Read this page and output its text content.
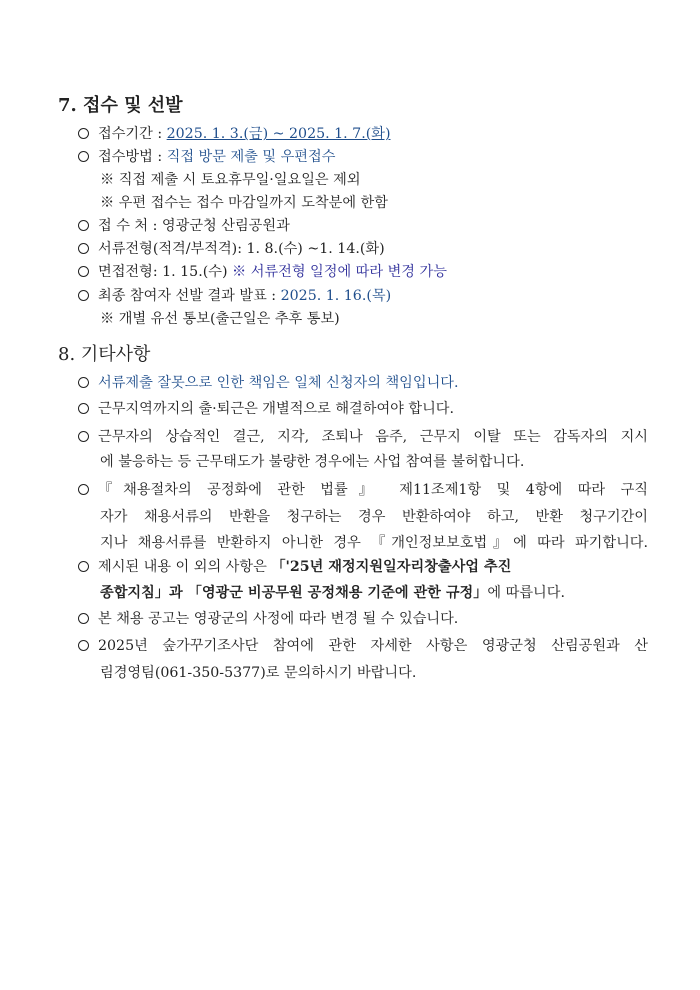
7. 접수 및 선발
접수기간 : 2025. 1. 3.(금) ~ 2025. 1. 7.(화)
접수방법 : 직접 방문 제출 및 우편접수
※ 직접 제출 시 토요휴무일·일요일은 제외
※ 우편 접수는 접수 마감일까지 도착분에 한함
접 수 처 : 영광군청 산림공원과
서류전형(적격/부적격): 1. 8.(수) ~1. 14.(화)
면접전형: 1. 15.(수) ※ 서류전형 일정에 따라 변경 가능
최종 참여자 선발 결과 발표 : 2025. 1. 16.(목)
※ 개별 유선 통보(출근일은 추후 통보)
8. 기타사항
서류제출 잘못으로 인한 책임은 일체 신청자의 책임입니다.
근무지역까지의 출·퇴근은 개별적으로 해결하여야 합니다.
근무자의 상습적인 결근, 지각, 조퇴나 음주, 근무지 이탈 또는 감독자의 지시
에 불응하는 등 근무태도가 불량한 경우에는 사업 참여를 불허합니다.
『채용절차의 공정화에 관한 법률』 제11조제1항 및 4항에 따라 구직
자가 채용서류의 반환을 청구하는 경우 반환하여야 하고, 반환 청구기간이
지나 채용서류를 반환하지 아니한 경우 『개인정보보호법』에 따라 파기합니다.
제시된 내용 이 외의 사항은 「'25년 재정지원일자리창출사업 추진
종합지침」과 「영광군 비공무원 공정채용 기준에 관한 규정」에 따릅니다.
본 채용 공고는 영광군의 사정에 따라 변경 될 수 있습니다.
2025년 숲가꾸기조사단 참여에 관한 자세한 사항은 영광군청 산림공원과 산
림경영팀(061-350-5377)로 문의하시기 바랍니다.
